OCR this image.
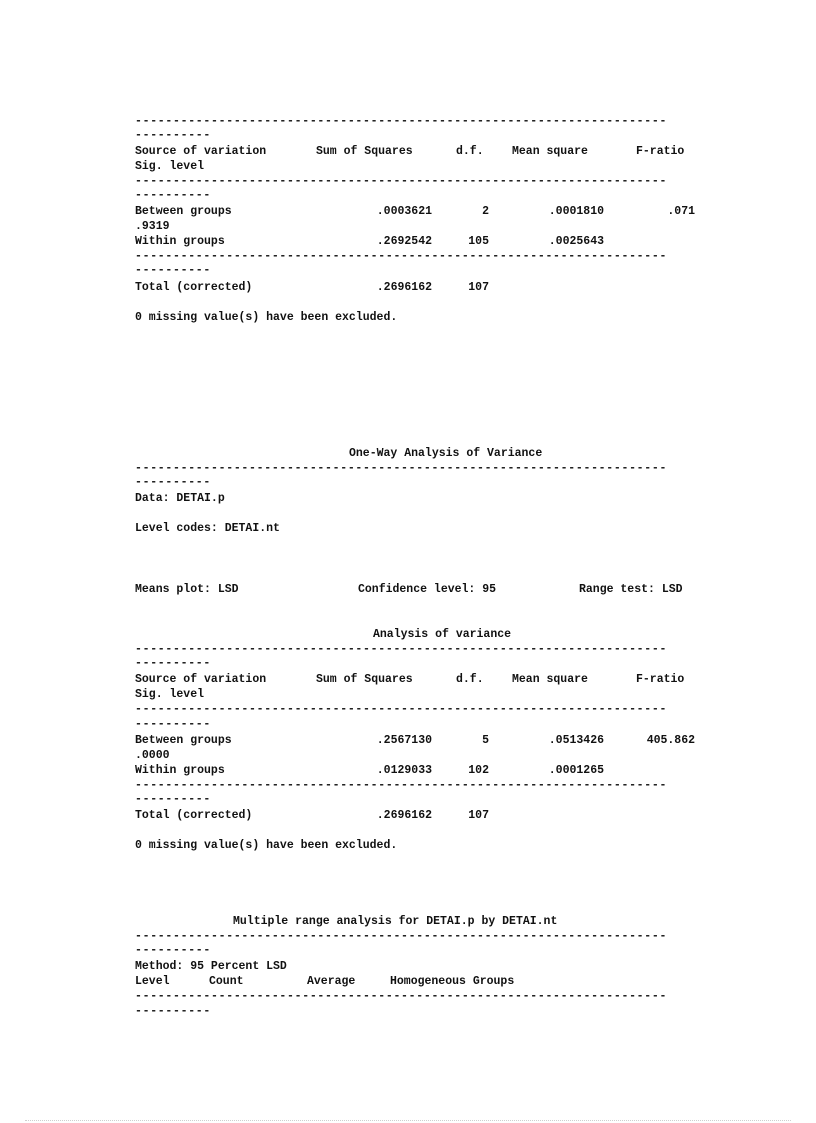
----------------------------------------------------------------------
----------
Source of variation	Sum of Squares	d.f. Mean square	F-ratio
Sig. level
----------------------------------------------------------------------
----------
Between groups	.0003621	2	.0001810	.071
.9319
Within groups	.2692542	105	.0025643
----------------------------------------------------------------------
----------
Total (corrected)	.2696162	107
0 missing value(s) have been excluded.
One-Way Analysis of Variance
----------------------------------------------------------------------
----------
Data: DETAI.p
Level codes: DETAI.nt
Means plot: LSD	Confidence level: 95	Range test: LSD
Analysis of variance
----------------------------------------------------------------------
----------
Source of variation	Sum of Squares	d.f. Mean square	F-ratio
Sig. level
----------------------------------------------------------------------
----------
Between groups	.2567130	5	.0513426	405.862
.0000
Within groups	.0129033	102	.0001265
----------------------------------------------------------------------
----------
Total (corrected)	.2696162	107
0 missing value(s) have been excluded.
Multiple range analysis for DETAI.p by DETAI.nt
----------------------------------------------------------------------
----------
Method: 95 Percent LSD
Level	Count	Average	Homogeneous Groups
----------------------------------------------------------------------
----------
